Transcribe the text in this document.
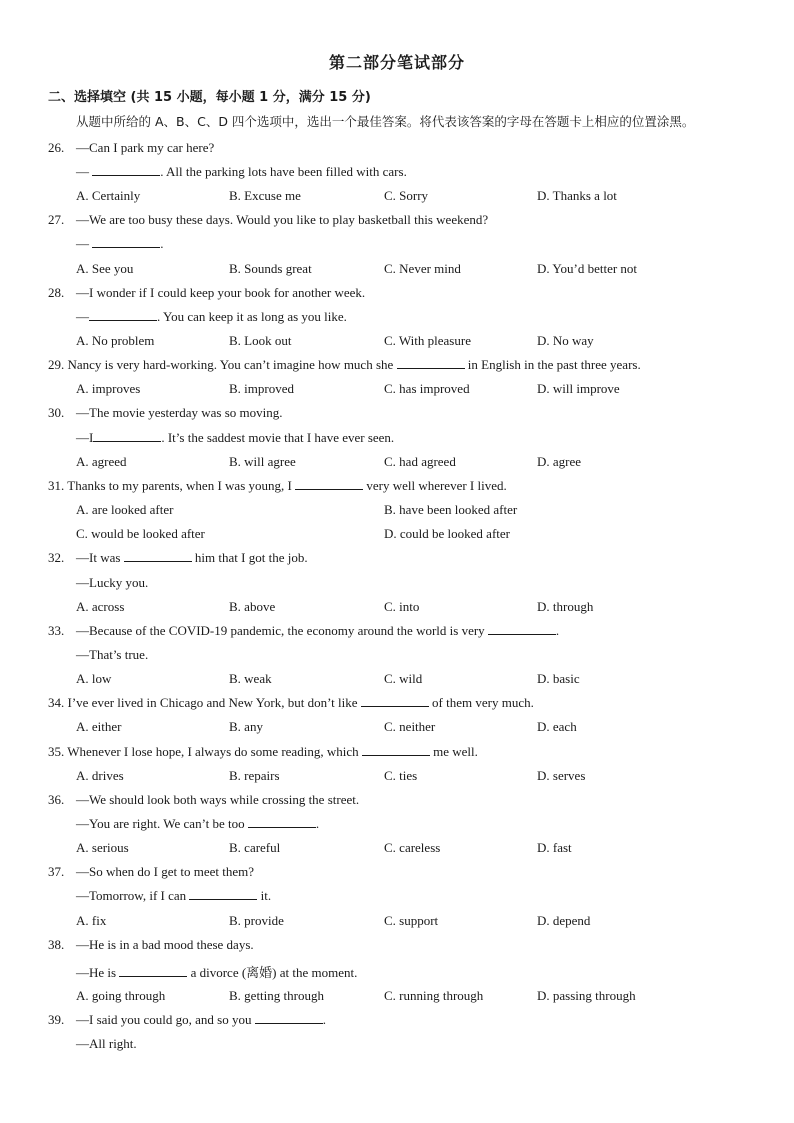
第二部分笔试部分
二、选择填空 (共 15 小题，每小题 1 分，满分 15 分)
从题中所给的 A、B、C、D 四个选项中，选出一个最佳答案。将代表该答案的字母在答题卡上相应的位置涂黑。
26. —Can I park my car here?
—	. All the parking lots have been filled with cars.
A. Certainly	B. Excuse me	C. Sorry	D. Thanks a lot
27. —We are too busy these days. Would you like to play basketball this weekend?
—	.
A. See you	B. Sounds great	C. Never mind	D. You’d better not
28. —I wonder if I could keep your book for another week.
—	. You can keep it as long as you like.
A. No problem	B. Look out	C. With pleasure	D. No way
29. Nancy is very hard-working. You can’t imagine how much she	in English in the past three years.
A. improves	B. improved	C. has improved	D. will improve
30. —The movie yesterday was so moving.
—I	. It’s the saddest movie that I have ever seen.
A. agreed	B. will agree	C. had agreed	D. agree
31. Thanks to my parents, when I was young, I	very well wherever I lived.
A. are looked after	B. have been looked after
C. would be looked after	D. could be looked after
32. —It was	him that I got the job.
—Lucky you.
A. across	B. above	C. into	D. through
33. —Because of the COVID-19 pandemic, the economy around the world is very	.
—That’s true.
A. low	B. weak	C. wild	D. basic
34. I’ve ever lived in Chicago and New York, but don’t like	of them very much.
A. either	B. any	C. neither	D. each
35. Whenever I lose hope, I always do some reading, which	me well.
A. drives	B. repairs	C. ties	D. serves
36. —We should look both ways while crossing the street.
—You are right. We can’t be too	.
A. serious	B. careful	C. careless	D. fast
37. —So when do I get to meet them?
—Tomorrow, if I can	it.
A. fix	B. provide	C. support	D. depend
38. —He is in a bad mood these days.
—He is	a divorce (离婚) at the moment.
A. going through	B. getting through	C. running through	D. passing through
39. —I said you could go, and so you	.
—All right.
